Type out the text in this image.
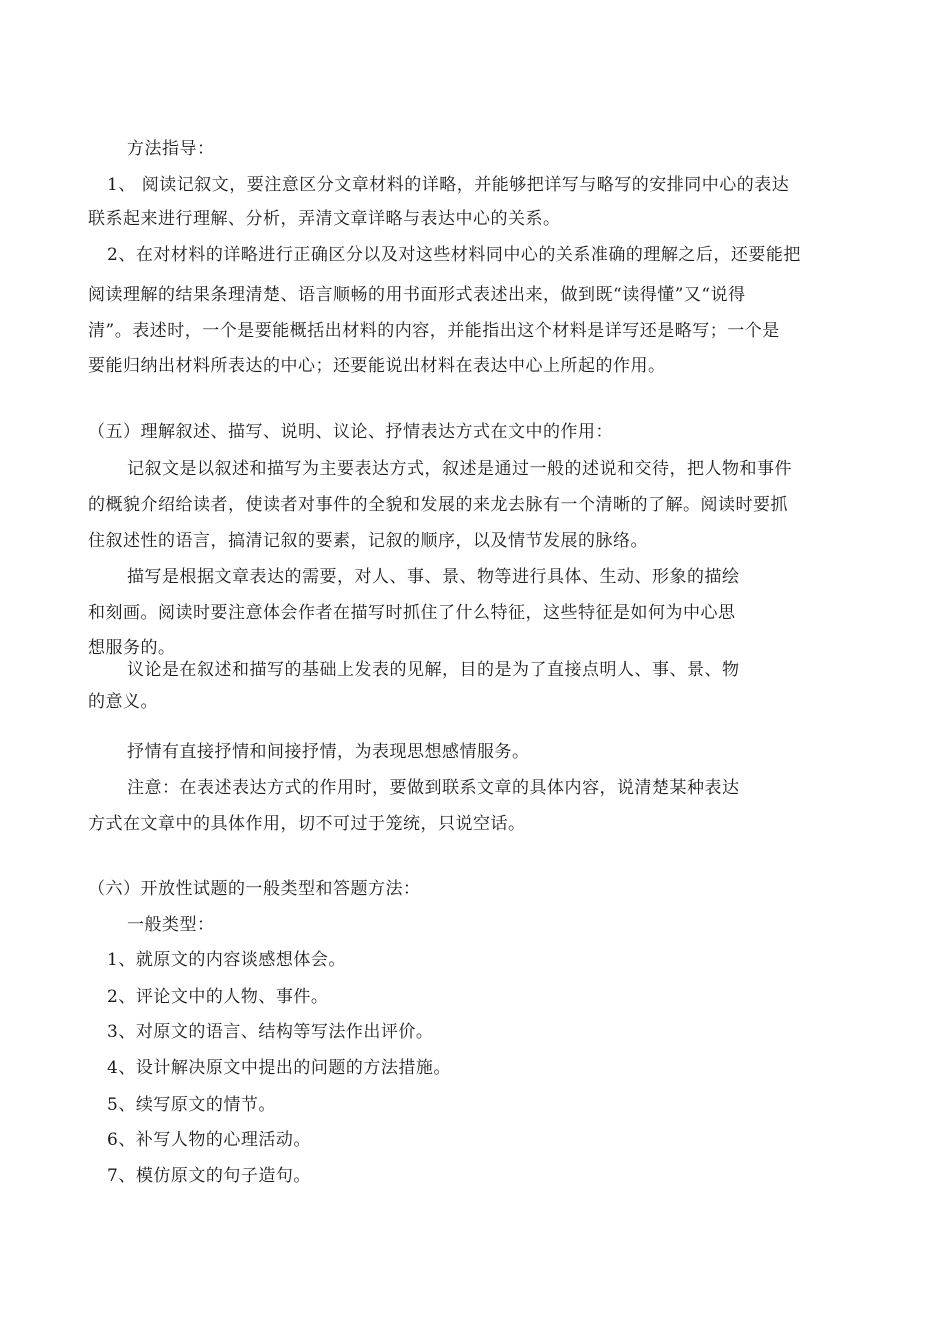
方法指导：
1、 阅读记叙文，要注意区分文章材料的详略，并能够把详写与略写的安排同中心的表达
联系起来进行理解、分析，弄清文章详略与表达中心的关系。
2、在对材料的详略进行正确区分以及对这些材料同中心的关系准确的理解之后，还要能把
阅读理解的结果条理清楚、语言顺畅的用书面形式表述出来，做到既“读得懂”又“说得
清”。表述时，一个是要能概括出材料的内容，并能指出这个材料是详写还是略写；一个是
要能归纳出材料所表达的中心；还要能说出材料在表达中心上所起的作用。
（五）理解叙述、描写、说明、议论、抒情表达方式在文中的作用：
记叙文是以叙述和描写为主要表达方式，叙述是通过一般的述说和交待，把人物和事件
的概貌介绍给读者，使读者对事件的全貌和发展的来龙去脉有一个清晰的了解。阅读时要抓
住叙述性的语言，搞清记叙的要素，记叙的顺序，以及情节发展的脉络。
描写是根据文章表达的需要，对人、事、景、物等进行具体、生动、形象的描绘
和刻画。阅读时要注意体会作者在描写时抓住了什么特征，这些特征是如何为中心思
想服务的。
议论是在叙述和描写的基础上发表的见解，目的是为了直接点明人、事、景、物
的意义。
抒情有直接抒情和间接抒情，为表现思想感情服务。
注意：在表述表达方式的作用时，要做到联系文章的具体内容，说清楚某种表达
方式在文章中的具体作用，切不可过于笼统，只说空话。
（六）开放性试题的一般类型和答题方法：
一般类型：
1、就原文的内容谈感想体会。
2、评论文中的人物、事件。
3、对原文的语言、结构等写法作出评价。
4、设计解决原文中提出的问题的方法措施。
5、续写原文的情节。
6、补写人物的心理活动。
7、模仿原文的句子造句。
